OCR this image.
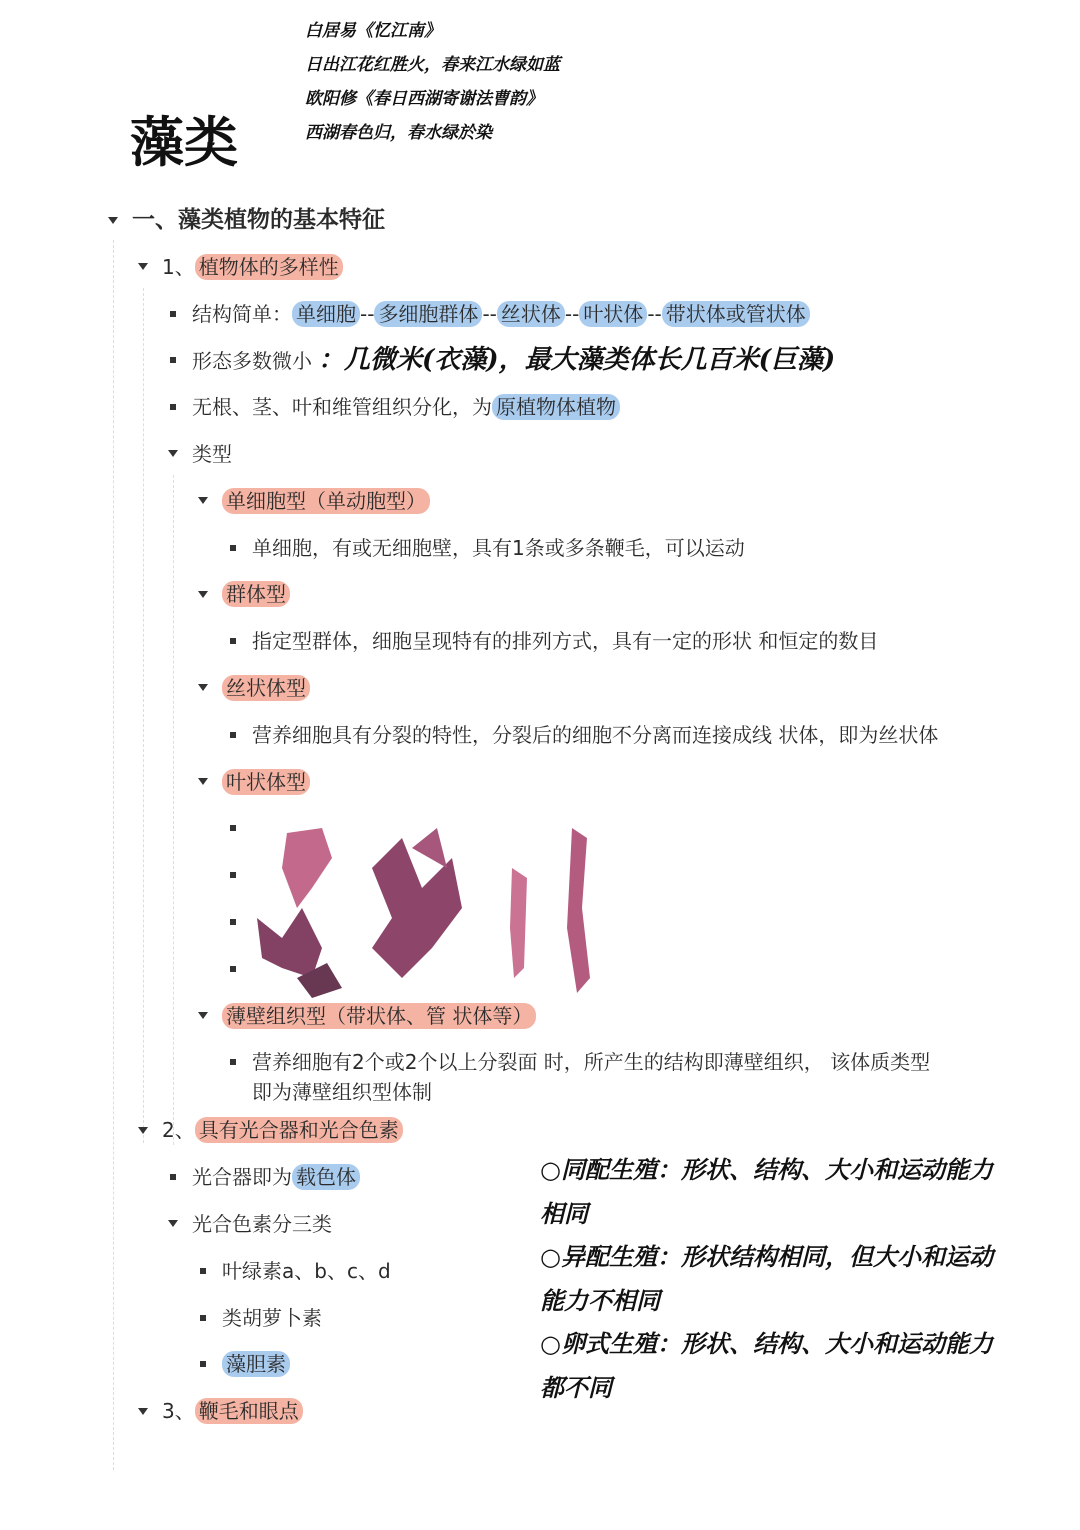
白居易《忆江南》
日出江花红胜火，春来江水绿如蓝
欧阳修《春日西湖寄谢法曹韵》
西湖春色归，春水绿於染
藻类
一、藻类植物的基本特征
1、 植物体的多样性
结构简单： 单细胞 -- 多细胞群体 -- 丝状体 -- 叶状体 -- 带状体或管状体
形态多数微小 ：几微米(衣藻)，最大藻类体长几百米(巨藻)
无根、茎、叶和维管组织分化，为 原植物体植物
类型
单细胞型（单动胞型）
单细胞，有或无细胞壁，具有1条或多条鞭毛，可以运动
群体型
指定型群体，细胞呈现特有的排列方式，具有一定的形状 和恒定的数目
丝状体型
营养细胞具有分裂的特性，分裂后的细胞不分离而连接成线 状体，即为丝状体
叶状体型
薄壁组织型（带状体、管 状体等）
营养细胞有2个或2个以上分裂面 时，所产生的结构即薄壁组织， 该体质类型即为薄壁组织型体制
2、 具有光合器和光合色素
光合器即为 载色体
光合色素分三类
叶绿素a、b、c、d
类胡萝卜素
藻胆素
3、 鞭毛和眼点
○同配生殖：形状、结构、大小和运动能力
相同
○异配生殖：形状结构相同，但大小和运动
能力不相同
○卵式生殖：形状、结构、大小和运动能力
都不同
